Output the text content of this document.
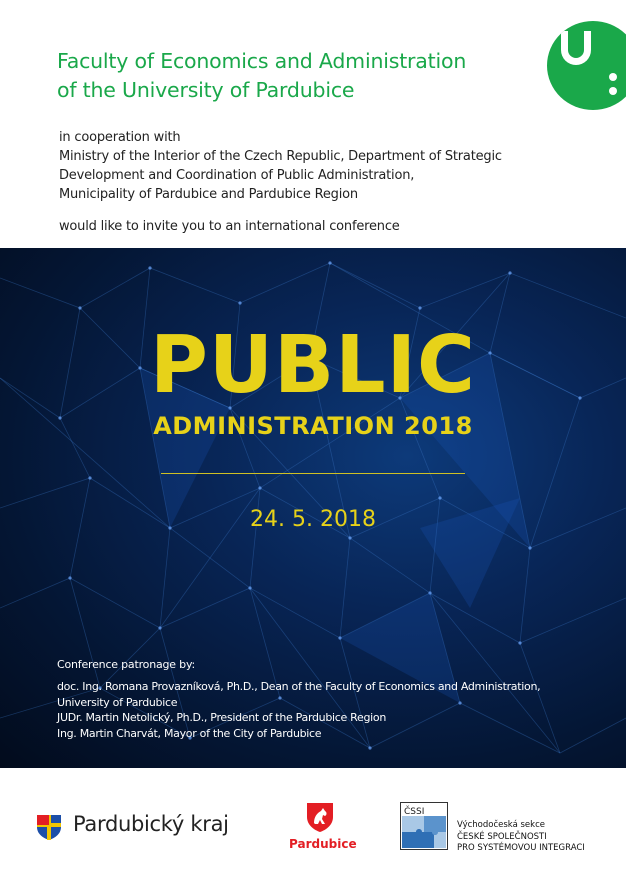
Faculty of Economics and Administration
of the University of Pardubice
in cooperation with
Ministry of the Interior of the Czech Republic, Department of Strategic
Development and Coordination of Public Administration,
Municipality of Pardubice and Pardubice Region
would like to invite you to an international conference
PUBLIC
ADMINISTRATION 2018
24. 5. 2018
Conference patronage by:
doc. Ing. Romana Provazníková, Ph.D., Dean of the Faculty of Economics and Administration,
University of Pardubice
JUDr. Martin Netolický, Ph.D., President of the Pardubice Region
Ing. Martin Charvát, Mayor of the City of Pardubice
Pardubický kraj
Pardubice
ČSSI
Východočeská sekce
ČESKÉ SPOLEČNOSTI
PRO SYSTÉMOVOU INTEGRACI
